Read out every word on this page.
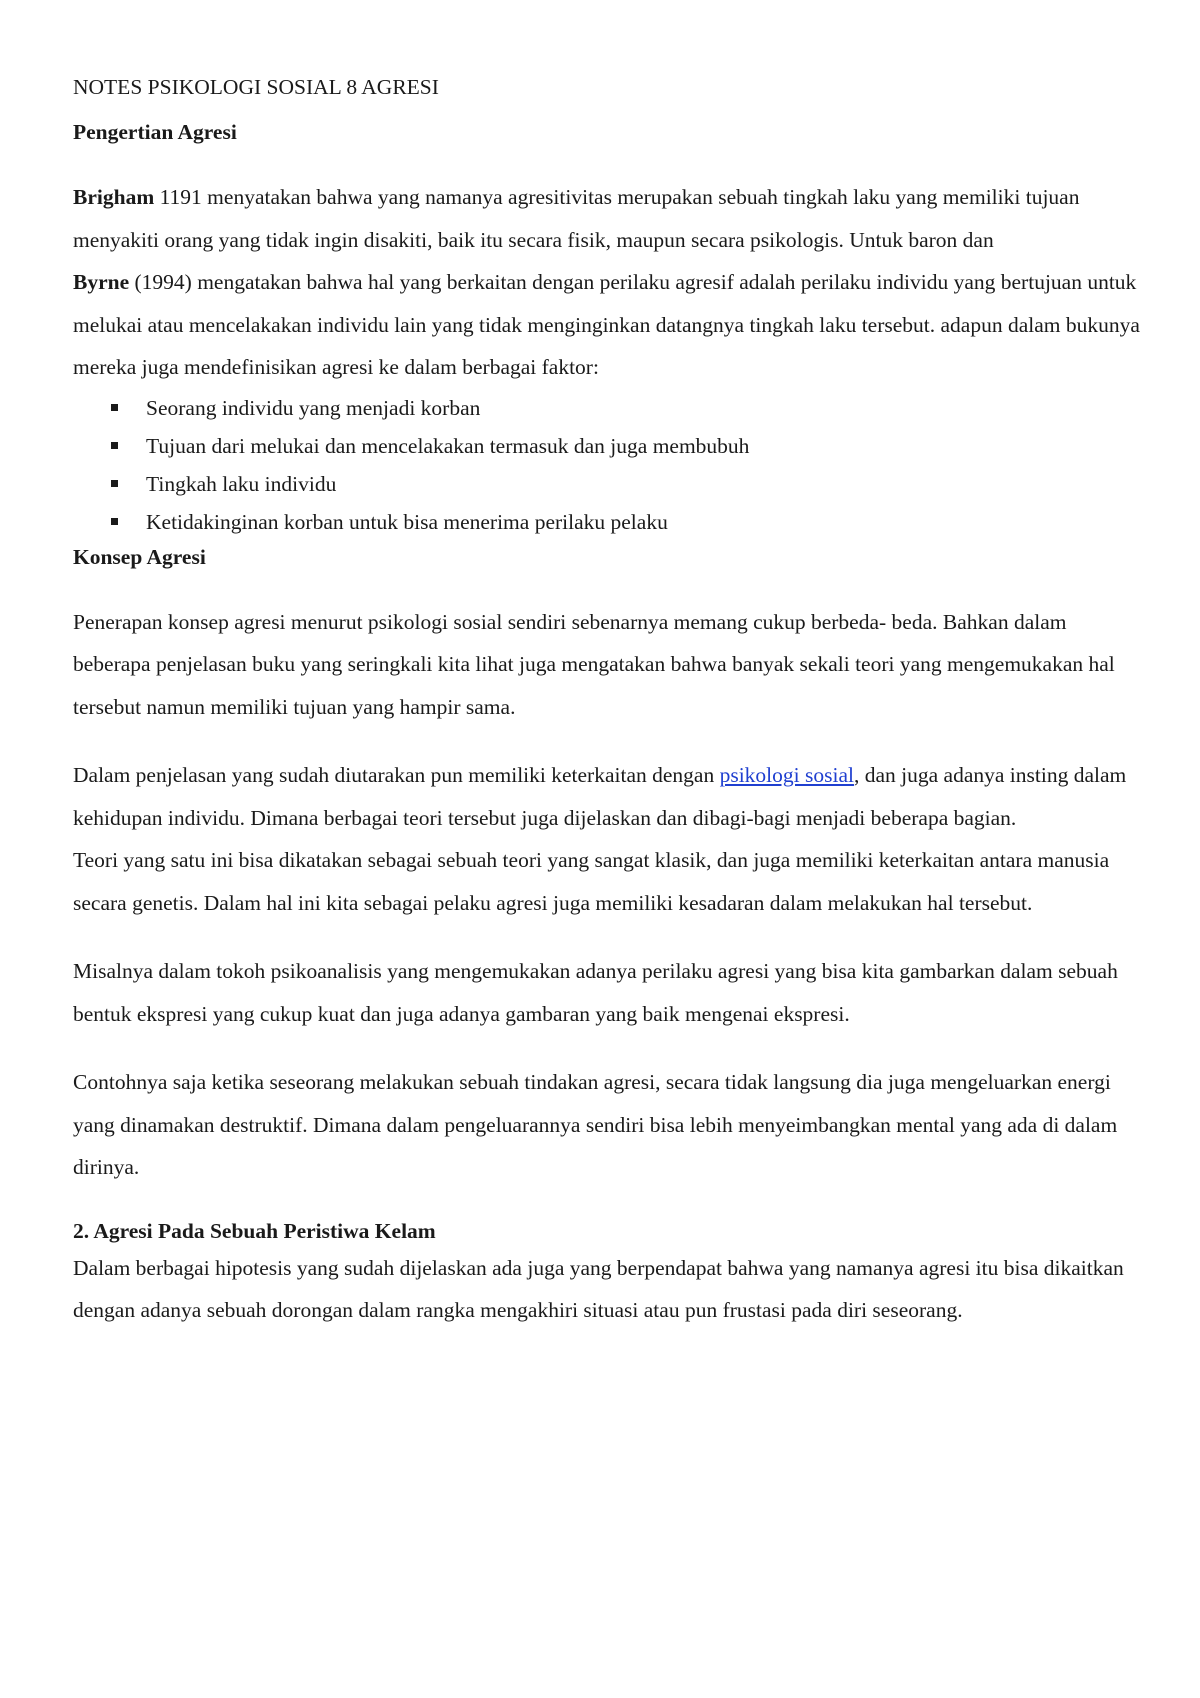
NOTES PSIKOLOGI SOSIAL 8 AGRESI

Pengertian Agresi

Brigham 1191 menyatakan bahwa yang namanya agresitivitas merupakan sebuah tingkah laku yang memiliki tujuan menyakiti orang yang tidak ingin disakiti, baik itu secara fisik, maupun secara psikologis. Untuk baron dan

Byrne (1994) mengatakan bahwa hal yang berkaitan dengan perilaku agresif adalah perilaku individu yang bertujuan untuk melukai atau mencelakakan individu lain yang tidak menginginkan datangnya tingkah laku tersebut. adapun dalam bukunya mereka juga mendefinisikan agresi ke dalam berbagai faktor:

Seorang individu yang menjadi korban
Tujuan dari melukai dan mencelakakan termasuk dan juga membubuh
Tingkah laku individu
Ketidakinginan korban untuk bisa menerima perilaku pelaku

Konsep Agresi

Penerapan konsep agresi menurut psikologi sosial sendiri sebenarnya memang cukup berbeda- beda. Bahkan dalam beberapa penjelasan buku yang seringkali kita lihat juga mengatakan bahwa banyak sekali teori yang mengemukakan hal tersebut namun memiliki tujuan yang hampir sama.

Dalam penjelasan yang sudah diutarakan pun memiliki keterkaitan dengan psikologi sosial, dan juga adanya insting dalam kehidupan individu. Dimana berbagai teori tersebut juga dijelaskan dan dibagi-bagi menjadi beberapa bagian.

Teori yang satu ini bisa dikatakan sebagai sebuah teori yang sangat klasik, dan juga memiliki keterkaitan antara manusia secara genetis. Dalam hal ini kita sebagai pelaku agresi juga memiliki kesadaran dalam melakukan hal tersebut.

Misalnya dalam tokoh psikoanalisis yang mengemukakan adanya perilaku agresi yang bisa kita gambarkan dalam sebuah bentuk ekspresi yang cukup kuat dan juga adanya gambaran yang baik mengenai ekspresi.

Contohnya saja ketika seseorang melakukan sebuah tindakan agresi, secara tidak langsung dia juga mengeluarkan energi yang dinamakan destruktif. Dimana dalam pengeluarannya sendiri bisa lebih menyeimbangkan mental yang ada di dalam dirinya.

2. Agresi Pada Sebuah Peristiwa Kelam

Dalam berbagai hipotesis yang sudah dijelaskan ada juga yang berpendapat bahwa yang namanya agresi itu bisa dikaitkan dengan adanya sebuah dorongan dalam rangka mengakhiri situasi atau pun frustasi pada diri seseorang.
